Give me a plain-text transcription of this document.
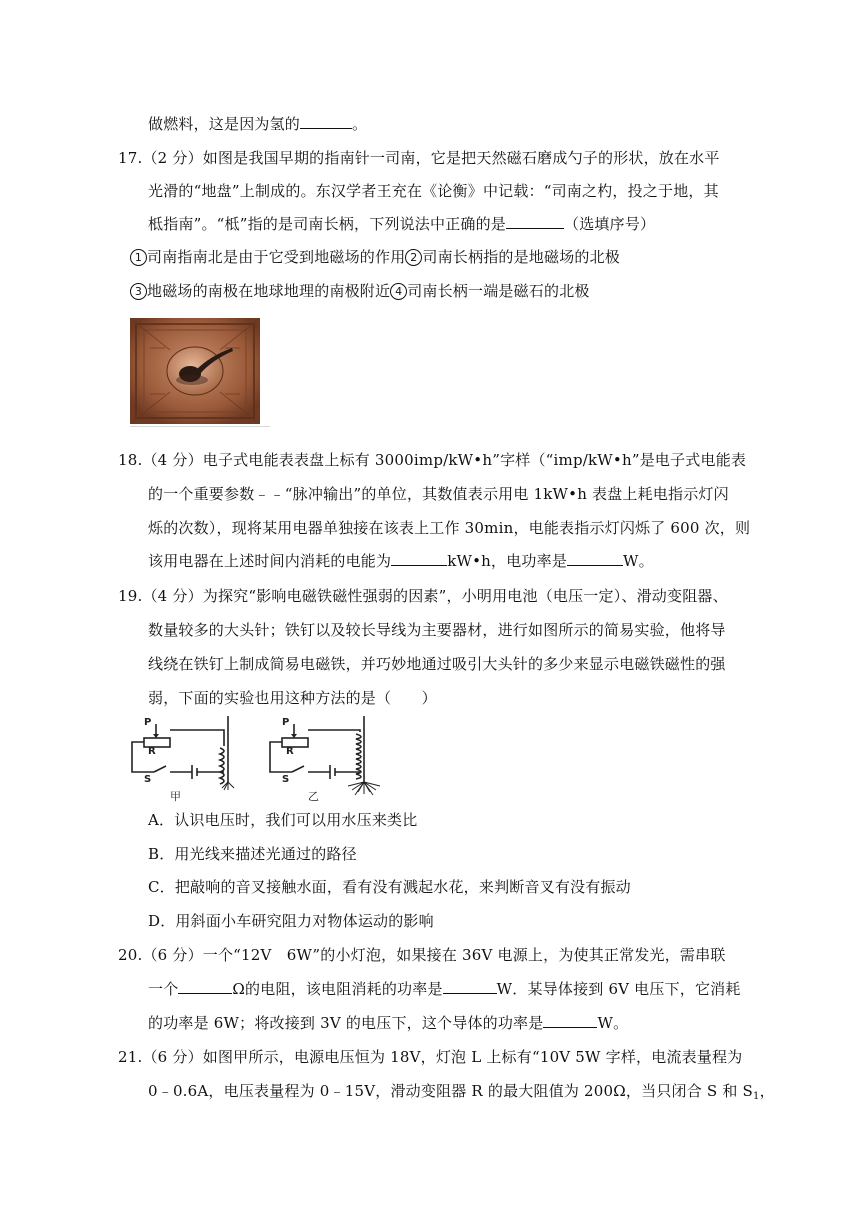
做燃料，这是因为氢的	。
17.（2 分）如图是我国早期的指南针一司南，它是把天然磁石磨成勺子的形状，放在水平
光滑的“地盘”上制成的。东汉学者王充在《论衡》中记载：“司南之杓，投之于地，其
柢指南”。“柢”指的是司南长柄，下列说法中正确的是	（选填序号）
1 司南指南北是由于它受到地磁场的作用 2 司南长柄指的是地磁场的北极
3 地磁场的南极在地球地理的南极附近 4 司南长柄一端是磁石的北极
18.（4 分）电子式电能表表盘上标有 3000imp/kW•h”字样（“imp/kW•h”是电子式电能表
的一个重要参数﹣﹣“脉冲输出”的单位，其数值表示用电 1kW•h 表盘上耗电指示灯闪
烁的次数），现将某用电器单独接在该表上工作 30min，电能表指示灯闪烁了 600 次，则
该用电器在上述时间内消耗的电能为	kW•h，电功率是	W。
19.（4 分）为探究“影响电磁铁磁性强弱的因素”，小明用电池（电压一定）、滑动变阻器、
数量较多的大头针；铁钉以及较长导线为主要器材，进行如图所示的简易实验，他将导
线绕在铁钉上制成简易电磁铁，并巧妙地通过吸引大头针的多少来显示电磁铁磁性的强
弱，下面的实验也用这种方法的是（　　）
P
R
S
甲
P
R
S
乙
A．认识电压时，我们可以用水压来类比
B．用光线来描述光通过的路径
C．把敲响的音叉接触水面，看有没有溅起水花，来判断音叉有没有振动
D．用斜面小车研究阻力对物体运动的影响
20.（6 分）一个“12V　6W”的小灯泡，如果接在 36V 电源上，为使其正常发光，需串联
一个	Ω的电阻，该电阻消耗的功率是	W．某导体接到 6V 电压下，它消耗
的功率是 6W；将改接到 3V 的电压下，这个导体的功率是	W。
21.（6 分）如图甲所示，电源电压恒为 18V，灯泡 L 上标有“10V 5W 字样，电流表量程为
0﹣0.6A，电压表量程为 0﹣15V，滑动变阻器 R 的最大阻值为 200Ω，当只闭合 S 和 $S_1$，
